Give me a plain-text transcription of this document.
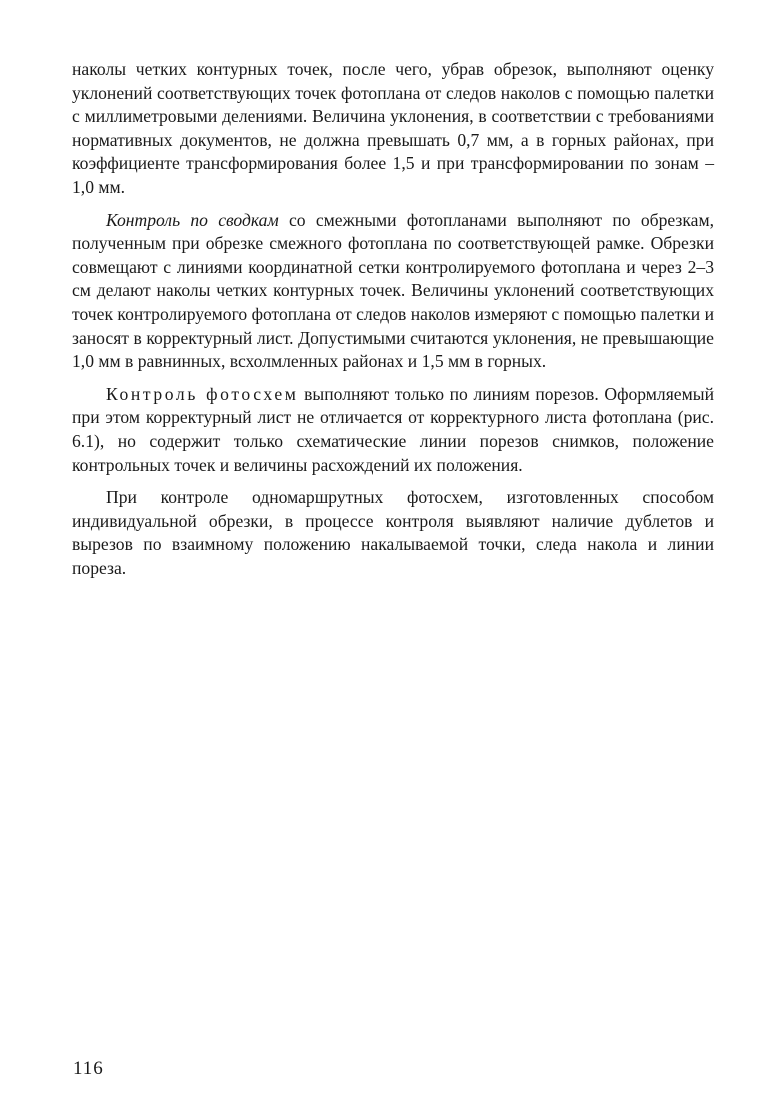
наколы четких контурных точек, после чего, убрав обрезок, выполняют оценку уклонений соответствующих точек фотоплана от следов наколов с помощью палетки с миллиметровыми делениями. Величина уклонения, в соответствии с требованиями нормативных документов, не должна превышать 0,7 мм, а в горных районах, при коэффициенте трансформирования более 1,5 и при трансформировании по зонам – 1,0 мм.

Контроль по сводкам со смежными фотопланами выполняют по обрезкам, полученным при обрезке смежного фотоплана по соответствующей рамке. Обрезки совмещают с линиями координатной сетки контролируемого фотоплана и через 2–3 см делают наколы четких контурных точек. Величины уклонений соответствующих точек контролируемого фотоплана от следов наколов измеряют с помощью палетки и заносят в корректурный лист. Допустимыми считаются уклонения, не превышающие 1,0 мм в равнинных, всхолмленных районах и 1,5 мм в горных.

Контроль фотосхем выполняют только по линиям порезов. Оформляемый при этом корректурный лист не отличается от корректурного листа фотоплана (рис. 6.1), но содержит только схематические линии порезов снимков, положение контрольных точек и величины расхождений их положения.

При контроле одномаршрутных фотосхем, изготовленных способом индивидуальной обрезки, в процессе контроля выявляют наличие дублетов и вырезов по взаимному положению накалываемой точки, следа накола и линии пореза.

116
